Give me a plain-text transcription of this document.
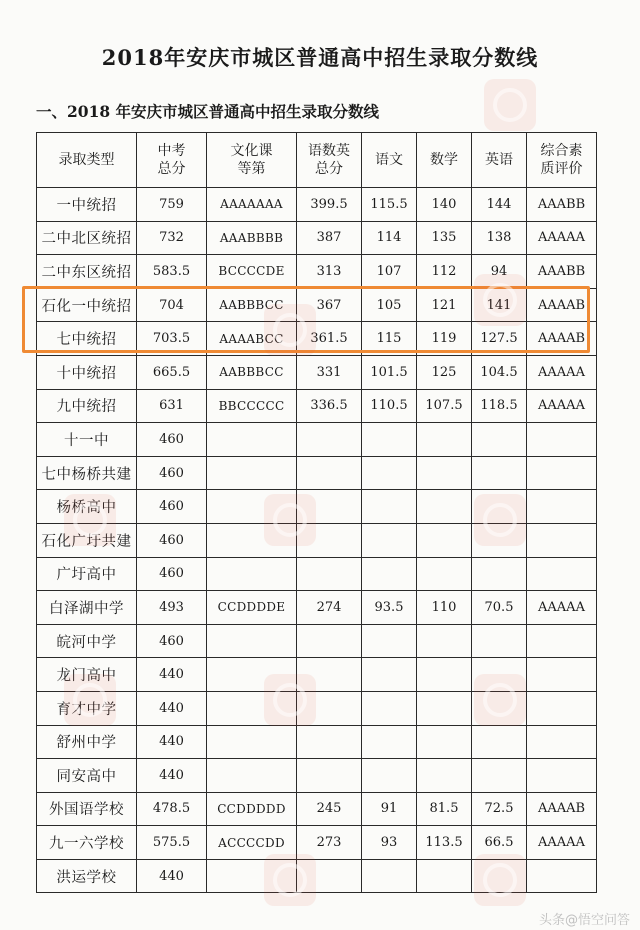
2018年安庆市城区普通高中招生录取分数线
一、2018 年安庆市城区普通高中招生录取分数线
录取类型	中考总分	文化课等第	语数英总分	语文	数学	英语	综合素质评价

一中统招	759	AAAAAAA	399.5	115.5	140	144	AAABB
二中北区统招	732	AAABBBB	387	114	135	138	AAAAA
二中东区统招	583.5	BCCCCDE	313	107	112	94	AAABB
石化一中统招	704	AABBBCC	367	105	121	141	AAAAB
七中统招	703.5	AAAABCC	361.5	115	119	127.5	AAAAB
十中统招	665.5	AABBBCC	331	101.5	125	104.5	AAAAA
九中统招	631	BBCCCCC	336.5	110.5	107.5	118.5	AAAAA
十一中	460						
七中杨桥共建	460						
杨桥高中	460						
石化广圩共建	460						
广圩高中	460						
白泽湖中学	493	CCDDDDE	274	93.5	110	70.5	AAAAA
皖河中学	460						
龙门高中	440						
育才中学	440						
舒州中学	440						
同安高中	440						
外国语学校	478.5	CCDDDDD	245	91	81.5	72.5	AAAAB
九一六学校	575.5	ACCCCDD	273	93	113.5	66.5	AAAAA
洪运学校	440						
头条@悟空问答
